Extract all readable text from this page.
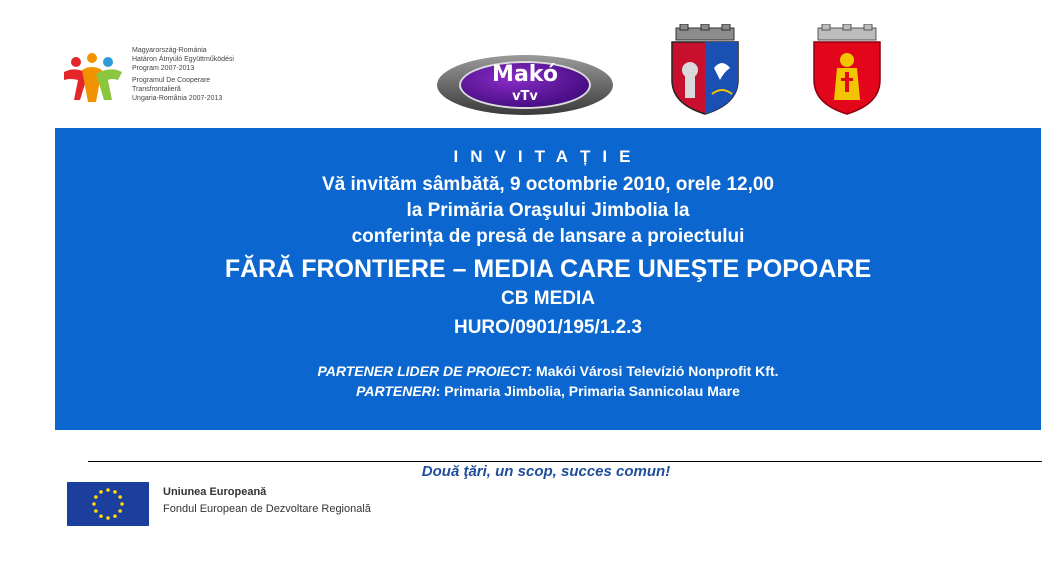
Magyarország-Románia
Határon Átnyúló Együttműködési
Program 2007-2013
Programul De Cooperare
Transfrontalieră
Ungaria-România 2007-2013
Makó
vTv
INVITAȚIE
Vă invităm sâmbătă, 9 octombrie 2010, orele 12,00
la Primăria Oraşului Jimbolia la
conferința de presă de lansare a proiectului
FĂRĂ FRONTIERE – MEDIA CARE UNEŞTE POPOARE
CB MEDIA
HURO/0901/195/1.2.3
PARTENER LIDER DE PROIECT: Makói Városi Televízió Nonprofit Kft.
PARTENERI: Primaria Jimbolia, Primaria Sannicolau Mare
Două ţări, un scop, succes comun!
Uniunea Europeană
Fondul European de Dezvoltare Regională
